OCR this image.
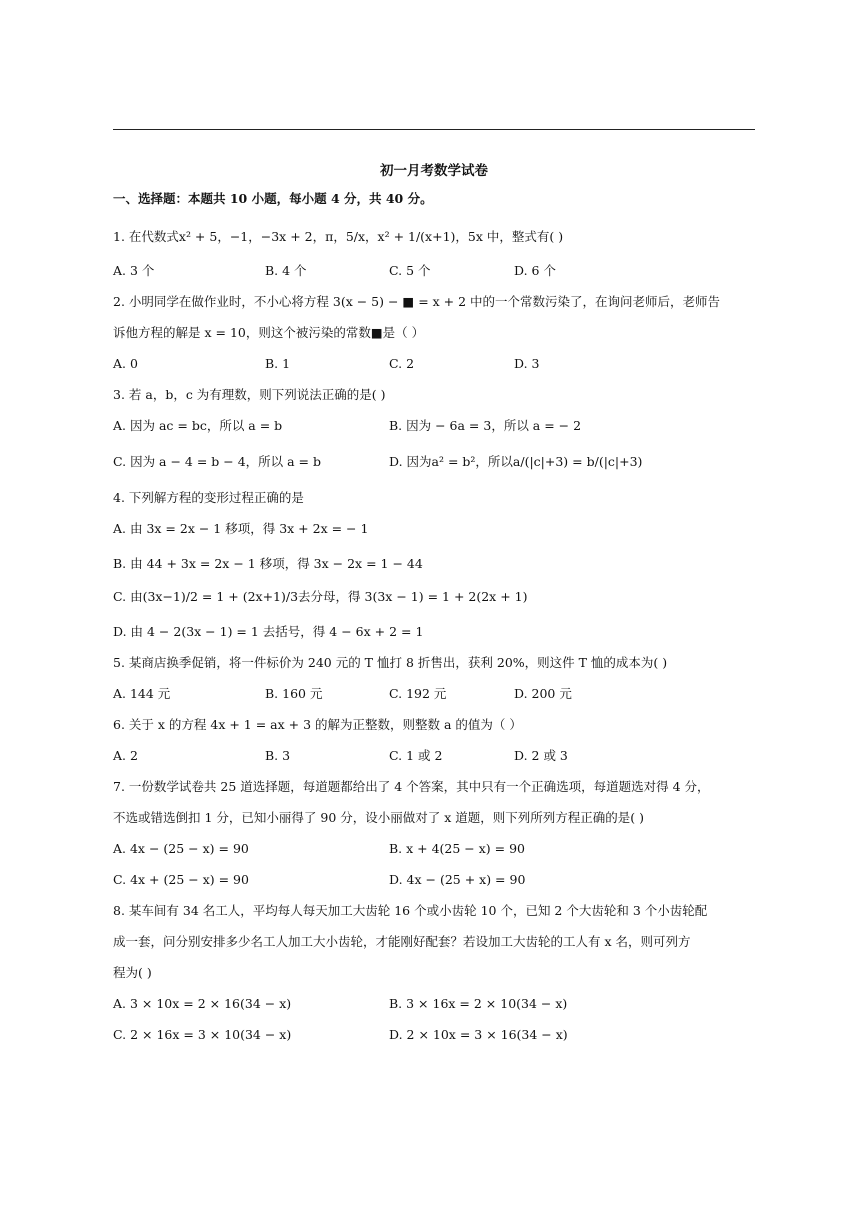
初一月考数学试卷
一、选择题：本题共 10 小题，每小题 4 分，共 40 分。
1. 在代数式x² + 5，−1，−3x + 2，π，5/x，x² + 1/(x+1)，5x 中，整式有( )
A. 3 个	B. 4 个	C. 5 个	D. 6 个
2. 小明同学在做作业时，不小心将方程 3(x − 5) − ■ = x + 2 中的一个常数污染了，在询问老师后，老师告
诉他方程的解是 x = 10，则这个被污染的常数■是（ ）
A. 0	B. 1	C. 2	D. 3
3. 若 a，b，c 为有理数，则下列说法正确的是( )
A. 因为 ac = bc，所以 a = b	B. 因为 − 6a = 3，所以 a = − 2
C. 因为 a − 4 = b − 4，所以 a = b	D. 因为a² = b²，所以a/(|c|+3) = b/(|c|+3)
4. 下列解方程的变形过程正确的是
A. 由 3x = 2x − 1 移项，得 3x + 2x = − 1
B. 由 44 + 3x = 2x − 1 移项，得 3x − 2x = 1 − 44
C. 由(3x−1)/2 = 1 + (2x+1)/3去分母，得 3(3x − 1) = 1 + 2(2x + 1)
D. 由 4 − 2(3x − 1) = 1 去括号，得 4 − 6x + 2 = 1
5. 某商店换季促销，将一件标价为 240 元的 T 恤打 8 折售出，获利 20%，则这件 T 恤的成本为( )
A. 144 元	B. 160 元	C. 192 元	D. 200 元
6. 关于 x 的方程 4x + 1 = ax + 3 的解为正整数，则整数 a 的值为（ ）
A. 2	B. 3	C. 1 或 2	D. 2 或 3
7. 一份数学试卷共 25 道选择题，每道题都给出了 4 个答案，其中只有一个正确选项，每道题选对得 4 分，
不选或错选倒扣 1 分，已知小丽得了 90 分，设小丽做对了 x 道题，则下列所列方程正确的是( )
A. 4x − (25 − x) = 90	B. x + 4(25 − x) = 90
C. 4x + (25 − x) = 90	D. 4x − (25 + x) = 90
8. 某车间有 34 名工人，平均每人每天加工大齿轮 16 个或小齿轮 10 个，已知 2 个大齿轮和 3 个小齿轮配
成一套，问分别安排多少名工人加工大小齿轮，才能刚好配套？若设加工大齿轮的工人有 x 名，则可列方
程为( )
A. 3 × 10x = 2 × 16(34 − x)	B. 3 × 16x = 2 × 10(34 − x)
C. 2 × 16x = 3 × 10(34 − x)	D. 2 × 10x = 3 × 16(34 − x)
